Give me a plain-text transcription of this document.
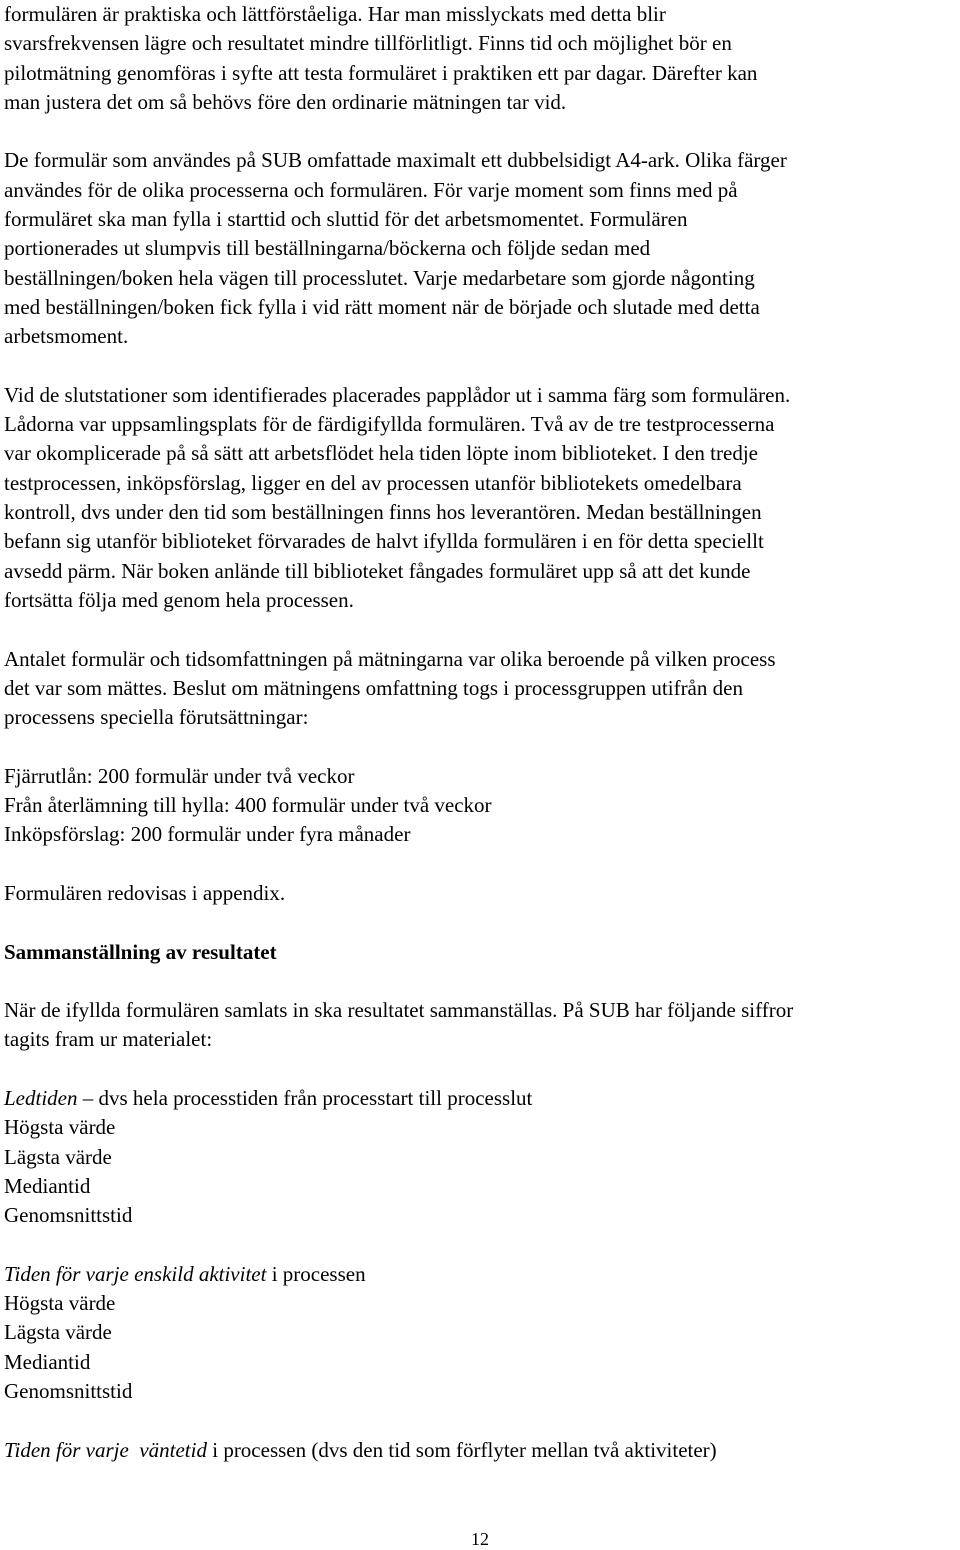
formulären är praktiska och lättförståeliga. Har man misslyckats med detta blir
svarsfrekvensen lägre och resultatet mindre tillförlitligt. Finns tid och möjlighet bör en
pilotmätning genomföras i syfte att testa formuläret i praktiken ett par dagar. Därefter kan
man justera det om så behövs före den ordinarie mätningen tar vid.
De formulär som användes på SUB omfattade maximalt ett dubbelsidigt A4-ark. Olika färger
användes för de olika processerna och formulären. För varje moment som finns med på
formuläret ska man fylla i starttid och sluttid för det arbetsmomentet. Formulären
portionerades ut slumpvis till beställningarna/böckerna och följde sedan med
beställningen/boken hela vägen till processlutet. Varje medarbetare som gjorde någonting
med beställningen/boken fick fylla i vid rätt moment när de började och slutade med detta
arbetsmoment.
Vid de slutstationer som identifierades placerades papplådor ut i samma färg som formulären.
Lådorna var uppsamlingsplats för de färdigifyllda formulären. Två av de tre testprocesserna
var okomplicerade på så sätt att arbetsflödet hela tiden löpte inom biblioteket. I den tredje
testprocessen, inköpsförslag, ligger en del av processen utanför bibliotekets omedelbara
kontroll, dvs under den tid som beställningen finns hos leverantören. Medan beställningen
befann sig utanför biblioteket förvarades de halvt ifyllda formulären i en för detta speciellt
avsedd pärm. När boken anlände till biblioteket fångades formuläret upp så att det kunde
fortsätta följa med genom hela processen.
Antalet formulär och tidsomfattningen på mätningarna var olika beroende på vilken process
det var som mättes. Beslut om mätningens omfattning togs i processgruppen utifrån den
processens speciella förutsättningar:
Fjärrutlån: 200 formulär under två veckor
Från återlämning till hylla: 400 formulär under två veckor
Inköpsförslag: 200 formulär under fyra månader
Formulären redovisas i appendix.
Sammanställning av resultatet
När de ifyllda formulären samlats in ska resultatet sammanställas. På SUB har följande siffror
tagits fram ur materialet:
Ledtiden – dvs hela processtiden från processtart till processlut
Högsta värde
Lägsta värde
Mediantid
Genomsnittstid
Tiden för varje enskild aktivitet i processen
Högsta värde
Lägsta värde
Mediantid
Genomsnittstid
Tiden för varje  väntetid i processen (dvs den tid som förflyter mellan två aktiviteter)
12
